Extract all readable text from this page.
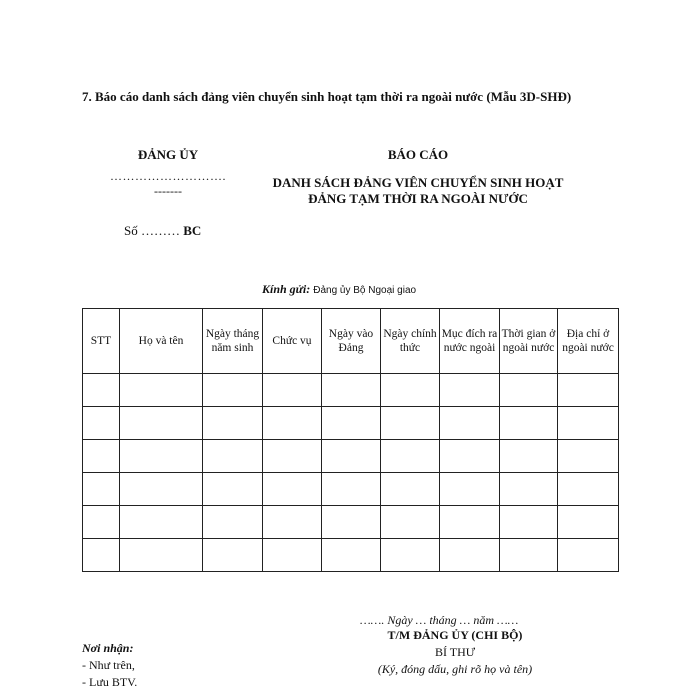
7. Báo cáo danh sách đảng viên chuyển sinh hoạt tạm thời ra ngoài nước (Mẫu 3D-SHĐ)
ĐẢNG ỦY
……………………….
-------
Số ……… BC
BÁO CÁO
DANH SÁCH ĐẢNG VIÊN CHUYỂN SINH HOẠT
ĐẢNG TẠM THỜI RA NGOÀI NƯỚC
Kính gửi: Đảng ủy Bộ Ngoại giao
STT	Họ và tên	Ngày tháng năm sinh	Chức vụ	Ngày vào Đảng	Ngày chính thức	Mục đích ra nước ngoài	Thời gian ở ngoài nước	Địa chỉ ở ngoài nước

……. Ngày … tháng … năm ……
T/M ĐẢNG ỦY (CHI BỘ)
BÍ THƯ
(Ký, đóng dấu, ghi rõ họ và tên)
Nơi nhận:
- Như trên,
- Lưu BTV.
